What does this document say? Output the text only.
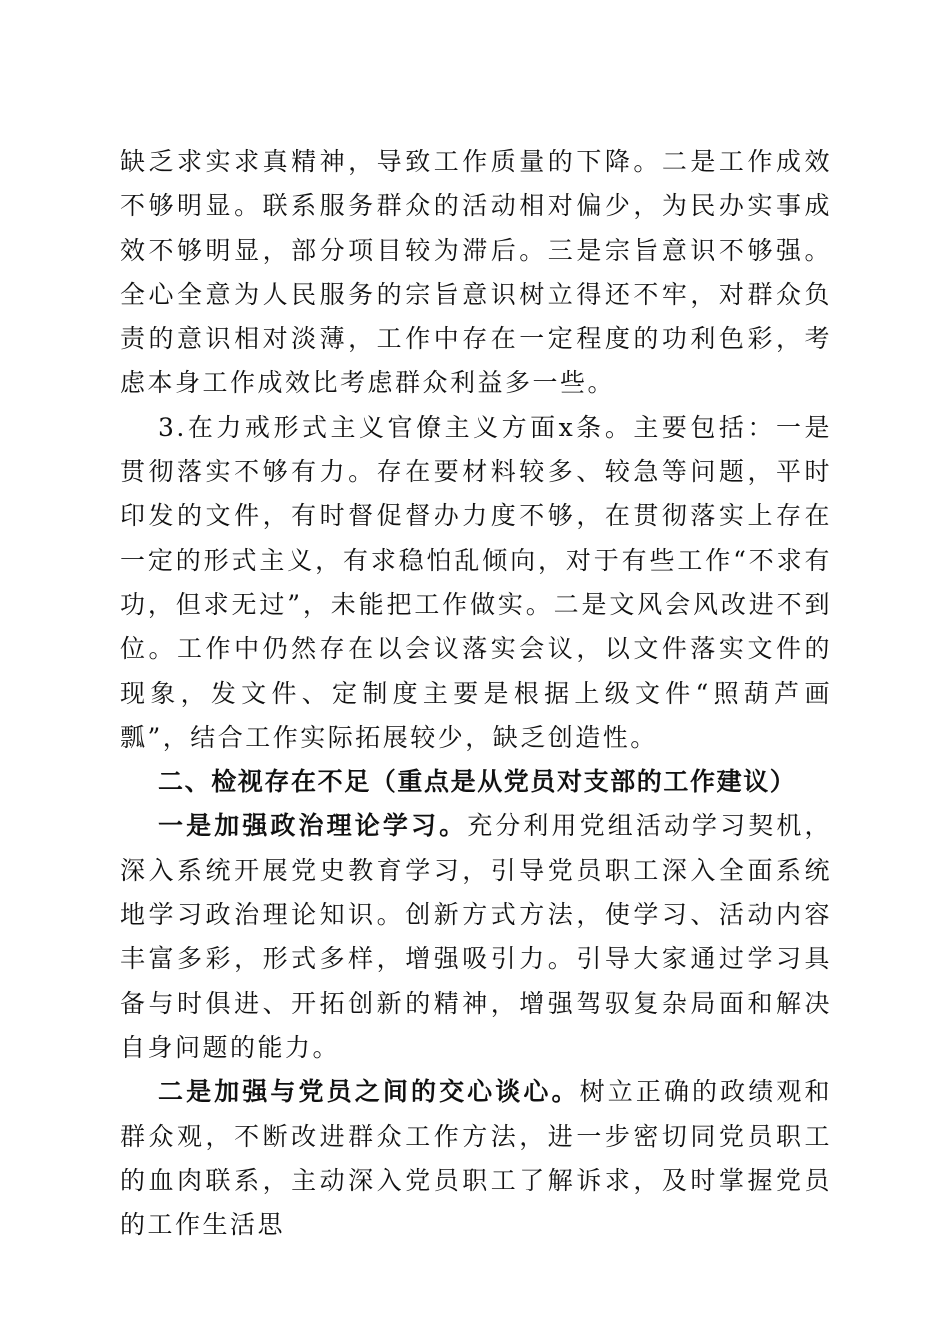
缺乏求实求真精神，导致工作质量的下降。二是工作成效不够明显。联系服务群众的活动相对偏少，为民办实事成效不够明显，部分项目较为滞后。三是宗旨意识不够强。全心全意为人民服务的宗旨意识树立得还不牢，对群众负责的意识相对淡薄，工作中存在一定程度的功利色彩，考虑本身工作成效比考虑群众利益多一些。

3.在力戒形式主义官僚主义方面x条。主要包括：一是贯彻落实不够有力。存在要材料较多、较急等问题，平时印发的文件，有时督促督办力度不够，在贯彻落实上存在一定的形式主义，有求稳怕乱倾向，对于有些工作“不求有功，但求无过”，未能把工作做实。二是文风会风改进不到位。工作中仍然存在以会议落实会议，以文件落实文件的现象，发文件、定制度主要是根据上级文件“照葫芦画瓢”，结合工作实际拓展较少，缺乏创造性。

二、检视存在不足（重点是从党员对支部的工作建议）

一是加强政治理论学习。充分利用党组活动学习契机，深入系统开展党史教育学习，引导党员职工深入全面系统地学习政治理论知识。创新方式方法，使学习、活动内容丰富多彩，形式多样，增强吸引力。引导大家通过学习具备与时俱进、开拓创新的精神，增强驾驭复杂局面和解决自身问题的能力。

二是加强与党员之间的交心谈心。树立正确的政绩观和群众观，不断改进群众工作方法，进一步密切同党员职工的血肉联系，主动深入党员职工了解诉求，及时掌握党员的工作生活思
